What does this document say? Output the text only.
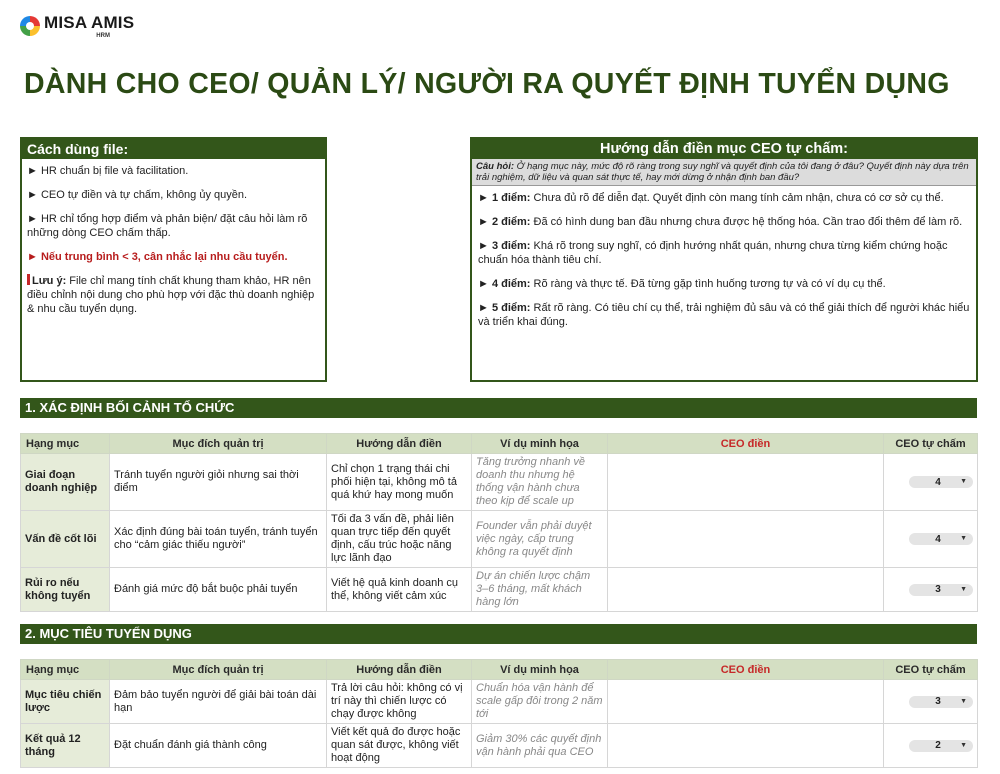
MISA AMIS
HRM
DÀNH CHO CEO/ QUẢN LÝ/ NGƯỜI RA QUYẾT ĐỊNH TUYỂN DỤNG
Cách dùng file:

► HR chuẩn bị file và facilitation.

► CEO tự điền và tự chấm, không ủy quyền.

► HR chỉ tổng hợp điểm và phản biện/ đặt câu hỏi làm rõ những dòng CEO chấm thấp.

► Nếu trung bình < 3, cân nhắc lại nhu cầu tuyển.

Lưu ý: File chỉ mang tính chất khung tham khảo, HR nên điều chỉnh nội dung cho phù hợp với đặc thù doanh nghiệp & nhu cầu tuyển dụng.

Hướng dẫn điền mục CEO tự chấm:
Câu hỏi: Ở hạng mục này, mức độ rõ ràng trong suy nghĩ và quyết định của tôi đang ở đâu? Quyết định này dựa trên trải nghiệm, dữ liệu và quan sát thực tế, hay mới dừng ở nhận định ban đầu?

► 1 điểm: Chưa đủ rõ để diễn đạt. Quyết định còn mang tính cảm nhận, chưa có cơ sở cụ thể.

► 2 điểm: Đã có hình dung ban đầu nhưng chưa được hệ thống hóa. Cần trao đổi thêm để làm rõ.

► 3 điểm: Khá rõ trong suy nghĩ, có định hướng nhất quán, nhưng chưa từng kiểm chứng hoặc chuẩn hóa thành tiêu chí.

► 4 điểm: Rõ ràng và thực tế. Đã từng gặp tình huống tương tự và có ví dụ cụ thể.

► 5 điểm: Rất rõ ràng. Có tiêu chí cụ thể, trải nghiệm đủ sâu và có thể giải thích để người khác hiểu và triển khai đúng.

1. XÁC ĐỊNH BỐI CẢNH TỔ CHỨC
Hạng mục	Mục đích quản trị	Hướng dẫn điền	Ví dụ minh họa	CEO điền	CEO tự chấm
Giai đoạn doanh nghiệp	Tránh tuyển người giỏi nhưng sai thời điểm	Chỉ chọn 1 trạng thái chi phối hiện tại, không mô tả quá khứ hay mong muốn	Tăng trưởng nhanh về doanh thu nhưng hệ thống vận hành chưa theo kịp để scale up		4 ▼

Vấn đề cốt lõi	Xác định đúng bài toán tuyển, tránh tuyển cho “cảm giác thiếu người”	Tối đa 3 vấn đề, phải liên quan trực tiếp đến quyết định, cấu trúc hoặc năng lực lãnh đạo	Founder vẫn phải duyệt việc ngày, cấp trung không ra quyết định		4 ▼

Rủi ro nếu không tuyển	Đánh giá mức độ bắt buộc phải tuyển	Viết hệ quả kinh doanh cụ thể, không viết cảm xúc	Dự án chiến lược chậm 3–6 tháng, mất khách hàng lớn		3 ▼
2. MỤC TIÊU TUYỂN DỤNG
Hạng mục	Mục đích quản trị	Hướng dẫn điền	Ví dụ minh họa	CEO điền	CEO tự chấm
Mục tiêu chiến lược	Đảm bảo tuyển người để giải bài toán dài hạn	Trả lời câu hỏi: không có vị trí này thì chiến lược có chạy được không	Chuẩn hóa vận hành để scale gấp đôi trong 2 năm tới		3 ▼

Kết quả 12 tháng	Đặt chuẩn đánh giá thành công	Viết kết quả đo được hoặc quan sát được, không viết hoạt động	Giảm 30% các quyết định vận hành phải qua CEO		2 ▼
